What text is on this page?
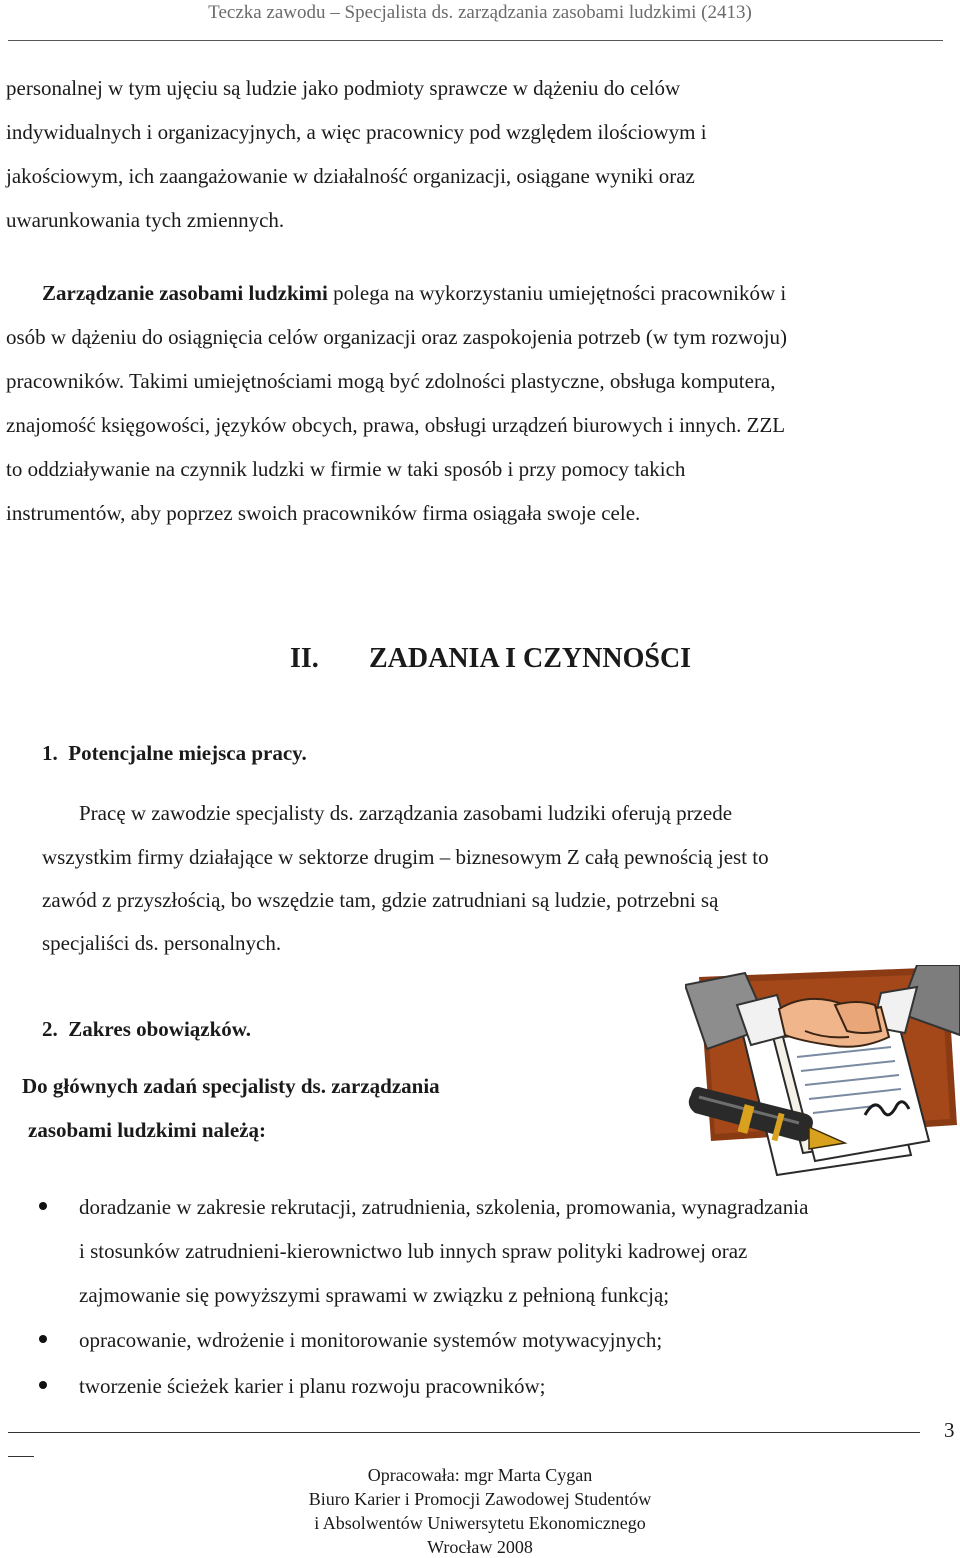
Teczka zawodu – Specjalista ds. zarządzania zasobami ludzkimi (2413)
personalnej w tym ujęciu są ludzie jako podmioty sprawcze w dążeniu do celów
indywidualnych i organizacyjnych, a więc pracownicy pod względem ilościowym i
jakościowym, ich zaangażowanie w działalność organizacji, osiągane wyniki oraz
uwarunkowania tych zmiennych.
Zarządzanie zasobami ludzkimi polega na wykorzystaniu umiejętności pracowników i
osób w dążeniu do osiągnięcia celów organizacji oraz zaspokojenia potrzeb (w tym rozwoju)
pracowników. Takimi umiejętnościami mogą być zdolności plastyczne, obsługa komputera,
znajomość księgowości, języków obcych, prawa, obsługi urządzeń biurowych i innych. ZZL
to oddziaływanie na czynnik ludzki w firmie w taki sposób i przy pomocy takich
instrumentów, aby poprzez swoich pracowników firma osiągała swoje cele.
II. ZADANIA I CZYNNOŚCI
1.  Potencjalne miejsca pracy.
Pracę w zawodzie specjalisty ds. zarządzania zasobami ludziki oferują przede
wszystkim firmy działające w sektorze drugim – biznesowym Z całą pewnością jest to
zawód z przyszłością, bo wszędzie tam, gdzie zatrudniani są ludzie, potrzebni są
specjaliści ds. personalnych.
2.  Zakres obowiązków.
Do głównych zadań specjalisty ds. zarządzania
zasobami ludzkimi należą:
doradzanie w zakresie rekrutacji, zatrudnienia, szkolenia, promowania, wynagradzania
i stosunków zatrudnieni-kierownictwo lub innych spraw polityki kadrowej oraz
zajmowanie się powyższymi sprawami w związku z pełnioną funkcją;
opracowanie, wdrożenie i monitorowanie systemów motywacyjnych;
tworzenie ścieżek karier i planu rozwoju pracowników;
3
Opracowała: mgr Marta Cygan
Biuro Karier i Promocji Zawodowej Studentów
i Absolwentów Uniwersytetu Ekonomicznego
Wrocław 2008
